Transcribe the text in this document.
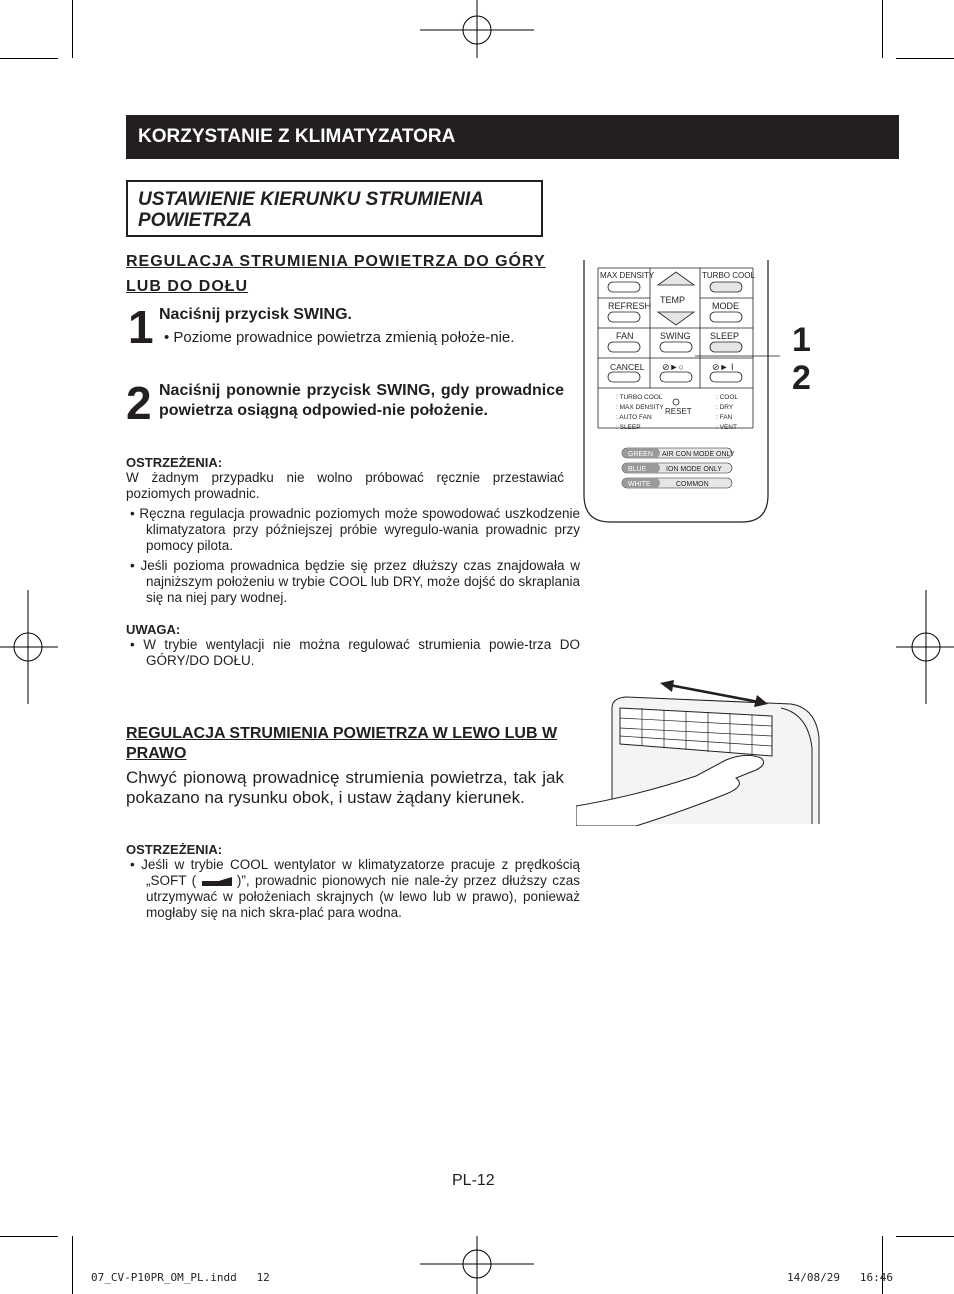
KORZYSTANIE Z KLIMATYZATORA
USTAWIENIE KIERUNKU STRUMIENIA POWIETRZA
REGULACJA STRUMIENIA POWIETRZA DO GÓRY LUB DO DOŁU
1 Naciśnij przycisk SWING.
• Poziome prowadnice powietrza zmienią położe-nie.
2 Naciśnij ponownie przycisk SWING, gdy prowadnice powietrza osiągną odpowied-nie położenie.
OSTRZEŻENIA:
W żadnym przypadku nie wolno próbować ręcznie przestawiać poziomych prowadnic.
• Ręczna regulacja prowadnic poziomych może spowodować uszkodzenie klimatyzatora przy późniejszej próbie wyregulo-wania prowadnic przy pomocy pilota.
• Jeśli pozioma prowadnica będzie się przez dłuższy czas znajdowała w najniższym położeniu w trybie COOL lub DRY, może dojść do skraplania się na niej pary wodnej.
UWAGA:
• W trybie wentylacji nie można regulować strumienia powie-trza DO GÓRY/DO DOŁU.
REGULACJA STRUMIENIA POWIETRZA W LEWO LUB W PRAWO
Chwyć pionową prowadnicę strumienia powietrza, tak jak pokazano na rysunku obok, i ustaw żądany kierunek.
OSTRZEŻENIA:
• Jeśli w trybie COOL wentylator w klimatyzatorze pracuje z prędkością „SOFT (	)”, prowadnic pionowych nie nale-ży przez dłuższy czas utrzymywać w położeniach skrajnych (w lewo lub w prawo), ponieważ mogłaby się na nich skra-plać para wodna.
MAX DENSITY
TEMP
TURBO COOL
REFRESH	MODE
FAN	SWING SLEEP
CANCEL ⊘►○	⊘► I
RESET
: TURBO COOL
: MAX DENSITY
: AUTO FAN
: SLEEP
: COOL
: DRY
: FAN
: VENT
GREEN
BLUE
WHITE
AIR CON MODE ONLY
ION MODE ONLY
COMMON
1
2
PL-12
07_CV-P10PR_OM_PL.indd   12	14/08/29   16:46
